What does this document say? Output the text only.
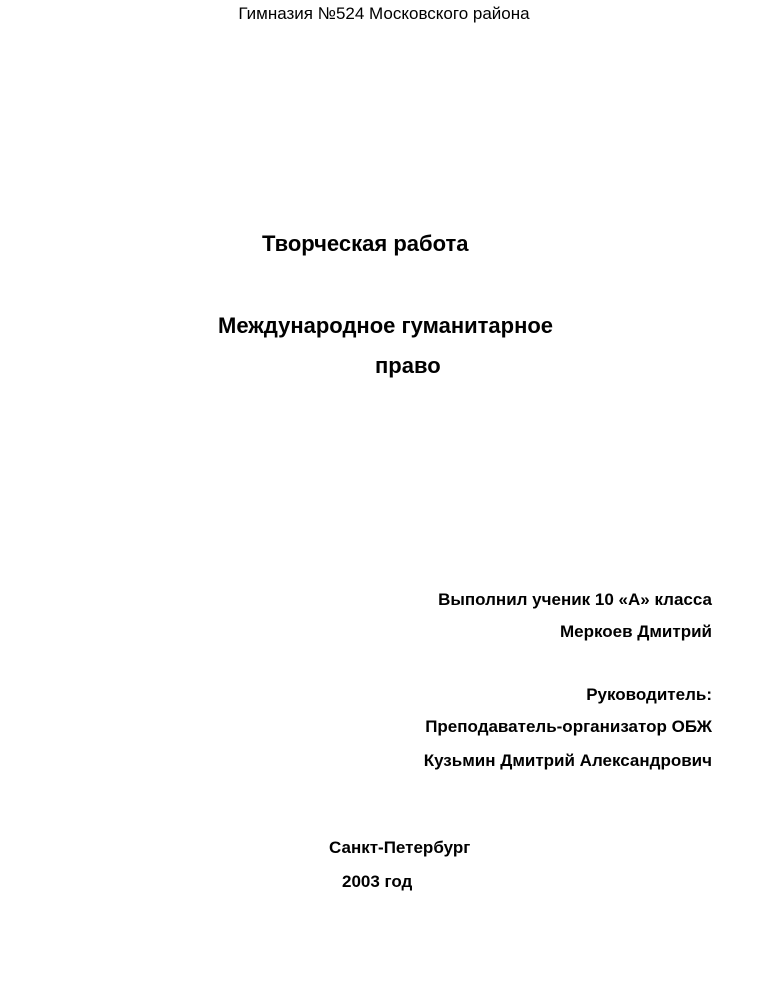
Гимназия №524 Московского района

Творческая работа

Международное гуманитарное

право

Выполнил ученик 10 «А» класса

Меркоев Дмитрий

Руководитель:

Преподаватель-организатор ОБЖ

Кузьмин Дмитрий Александрович

Санкт-Петербург

2003 год
